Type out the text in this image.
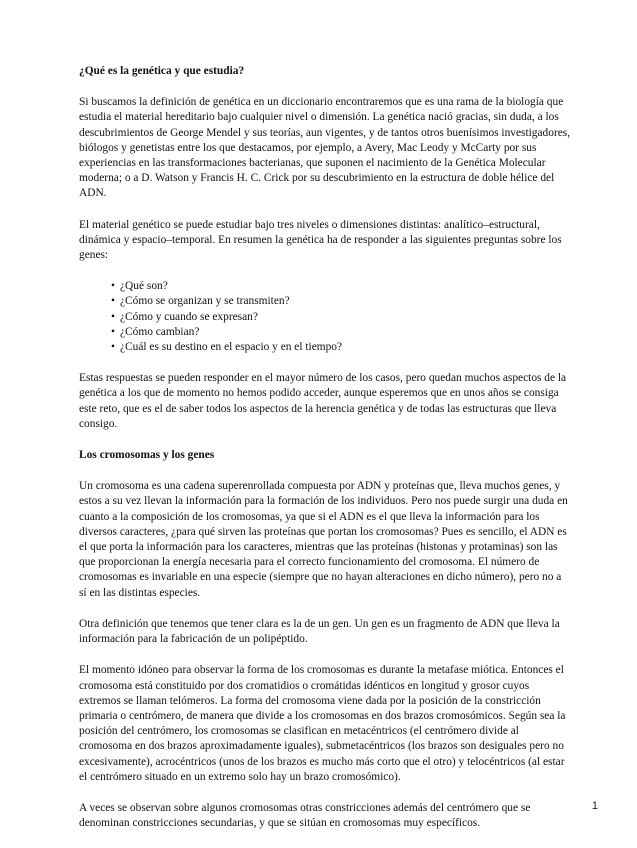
¿Qué es la genética y que estudia?

Si buscamos la definición de genética en un diccionario encontraremos que es una rama de la biología que estudia el material hereditario bajo cualquier nivel o dimensión. La genética nació gracias, sin duda, a los descubrimientos de George Mendel y sus teorías, aun vigentes, y de tantos otros buenísimos investigadores, biólogos y genetistas entre los que destacamos, por ejemplo, a Avery, Mac Leody y McCarty por sus experiencias en las transformaciones bacterianas, que suponen el nacimiento de la Genética Molecular moderna; o a D. Watson y Francis H. C. Crick por su descubrimiento en la estructura de doble hélice del ADN.

El material genético se puede estudiar bajo tres niveles o dimensiones distintas: analítico–estructural, dinámica y espacio–temporal. En resumen la genética ha de responder a las siguientes preguntas sobre los genes:

• ¿Qué son?
• ¿Cómo se organizan y se transmiten?
• ¿Cómo y cuando se expresan?
• ¿Cómo cambian?
• ¿Cuál es su destino en el espacio y en el tiempo?

Estas respuestas se pueden responder en el mayor número de los casos, pero quedan muchos aspectos de la genética a los que de momento no hemos podido acceder, aunque esperemos que en unos años se consiga este reto, que es el de saber todos los aspectos de la herencia genética y de todas las estructuras que lleva consigo.

Los cromosomas y los genes

Un cromosoma es una cadena superenrollada compuesta por ADN y proteínas que, lleva muchos genes, y estos a su vez llevan la información para la formación de los individuos. Pero nos puede surgir una duda en cuanto a la composición de los cromosomas, ya que si el ADN es el que lleva la información para los diversos caracteres, ¿para qué sirven las proteínas que portan los cromosomas? Pues es sencillo, el ADN es el que porta la información para los caracteres, mientras que las proteínas (histonas y protaminas) son las que proporcionan la energía necesaria para el correcto funcionamiento del cromosoma. El número de cromosomas es invariable en una especie (siempre que no hayan alteraciones en dicho número), pero no a sí en las distintas especies.

Otra definición que tenemos que tener clara es la de un gen. Un gen es un fragmento de ADN que lleva la información para la fabricación de un polipéptido.

El momento idóneo para observar la forma de los cromosomas es durante la metafase miótica. Entonces el cromosoma está constituido por dos cromatidios o cromátidas idénticos en longitud y grosor cuyos extremos se llaman telómeros. La forma del cromosoma viene dada por la posición de la constricción primaria o centrómero, de manera que divide a los cromosomas en dos brazos cromosómicos. Según sea la posición del centrómero, los cromosomas se clasifican en metacéntricos (el centrómero divide al cromosoma en dos brazos aproximadamente iguales), submetacéntricos (los brazos son desiguales pero no excesivamente), acrocéntricos (unos de los brazos es mucho más corto que el otro) y telocéntricos (al estar el centrómero situado en un extremo solo hay un brazo cromosómico).

A veces se observan sobre algunos cromosomas otras constricciones además del centrómero que se denominan constricciones secundarias, y que se sitúan en cromosomas muy específicos.

1
